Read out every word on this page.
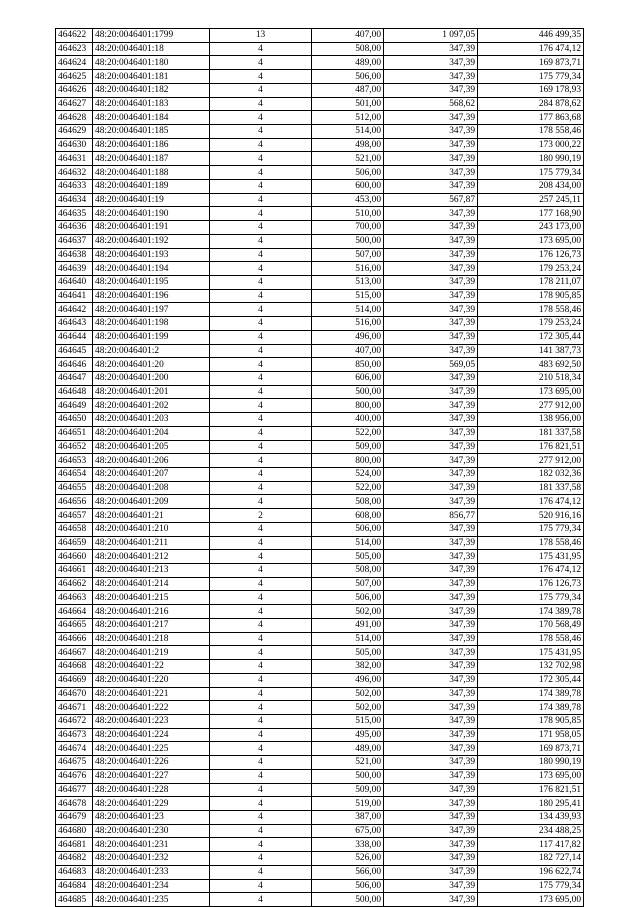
464622	48:20:0046401:1799	13	407,00	1 097,05	446 499,35
464623	48:20:0046401:18	4	508,00	347,39	176 474,12
464624	48:20:0046401:180	4	489,00	347,39	169 873,71
464625	48:20:0046401:181	4	506,00	347,39	175 779,34
464626	48:20:0046401:182	4	487,00	347,39	169 178,93
464627	48:20:0046401:183	4	501,00	568,62	284 878,62
464628	48:20:0046401:184	4	512,00	347,39	177 863,68
464629	48:20:0046401:185	4	514,00	347,39	178 558,46
464630	48:20:0046401:186	4	498,00	347,39	173 000,22
464631	48:20:0046401:187	4	521,00	347,39	180 990,19
464632	48:20:0046401:188	4	506,00	347,39	175 779,34
464633	48:20:0046401:189	4	600,00	347,39	208 434,00
464634	48:20:0046401:19	4	453,00	567,87	257 245,11
464635	48:20:0046401:190	4	510,00	347,39	177 168,90
464636	48:20:0046401:191	4	700,00	347,39	243 173,00
464637	48:20:0046401:192	4	500,00	347,39	173 695,00
464638	48:20:0046401:193	4	507,00	347,39	176 126,73
464639	48:20:0046401:194	4	516,00	347,39	179 253,24
464640	48:20:0046401:195	4	513,00	347,39	178 211,07
464641	48:20:0046401:196	4	515,00	347,39	178 905,85
464642	48:20:0046401:197	4	514,00	347,39	178 558,46
464643	48:20:0046401:198	4	516,00	347,39	179 253,24
464644	48:20:0046401:199	4	496,00	347,39	172 305,44
464645	48:20:0046401:2	4	407,00	347,39	141 387,73
464646	48:20:0046401:20	4	850,00	569,05	483 692,50
464647	48:20:0046401:200	4	606,00	347,39	210 518,34
464648	48:20:0046401:201	4	500,00	347,39	173 695,00
464649	48:20:0046401:202	4	800,00	347,39	277 912,00
464650	48:20:0046401:203	4	400,00	347,39	138 956,00
464651	48:20:0046401:204	4	522,00	347,39	181 337,58
464652	48:20:0046401:205	4	509,00	347,39	176 821,51
464653	48:20:0046401:206	4	800,00	347,39	277 912,00
464654	48:20:0046401:207	4	524,00	347,39	182 032,36
464655	48:20:0046401:208	4	522,00	347,39	181 337,58
464656	48:20:0046401:209	4	508,00	347,39	176 474,12
464657	48:20:0046401:21	2	608,00	856,77	520 916,16
464658	48:20:0046401:210	4	506,00	347,39	175 779,34
464659	48:20:0046401:211	4	514,00	347,39	178 558,46
464660	48:20:0046401:212	4	505,00	347,39	175 431,95
464661	48:20:0046401:213	4	508,00	347,39	176 474,12
464662	48:20:0046401:214	4	507,00	347,39	176 126,73
464663	48:20:0046401:215	4	506,00	347,39	175 779,34
464664	48:20:0046401:216	4	502,00	347,39	174 389,78
464665	48:20:0046401:217	4	491,00	347,39	170 568,49
464666	48:20:0046401:218	4	514,00	347,39	178 558,46
464667	48:20:0046401:219	4	505,00	347,39	175 431,95
464668	48:20:0046401:22	4	382,00	347,39	132 702,98
464669	48:20:0046401:220	4	496,00	347,39	172 305,44
464670	48:20:0046401:221	4	502,00	347,39	174 389,78
464671	48:20:0046401:222	4	502,00	347,39	174 389,78
464672	48:20:0046401:223	4	515,00	347,39	178 905,85
464673	48:20:0046401:224	4	495,00	347,39	171 958,05
464674	48:20:0046401:225	4	489,00	347,39	169 873,71
464675	48:20:0046401:226	4	521,00	347,39	180 990,19
464676	48:20:0046401:227	4	500,00	347,39	173 695,00
464677	48:20:0046401:228	4	509,00	347,39	176 821,51
464678	48:20:0046401:229	4	519,00	347,39	180 295,41
464679	48:20:0046401:23	4	387,00	347,39	134 439,93
464680	48:20:0046401:230	4	675,00	347,39	234 488,25
464681	48:20:0046401:231	4	338,00	347,39	117 417,82
464682	48:20:0046401:232	4	526,00	347,39	182 727,14
464683	48:20:0046401:233	4	566,00	347,39	196 622,74
464684	48:20:0046401:234	4	506,00	347,39	175 779,34
464685	48:20:0046401:235	4	500,00	347,39	173 695,00
